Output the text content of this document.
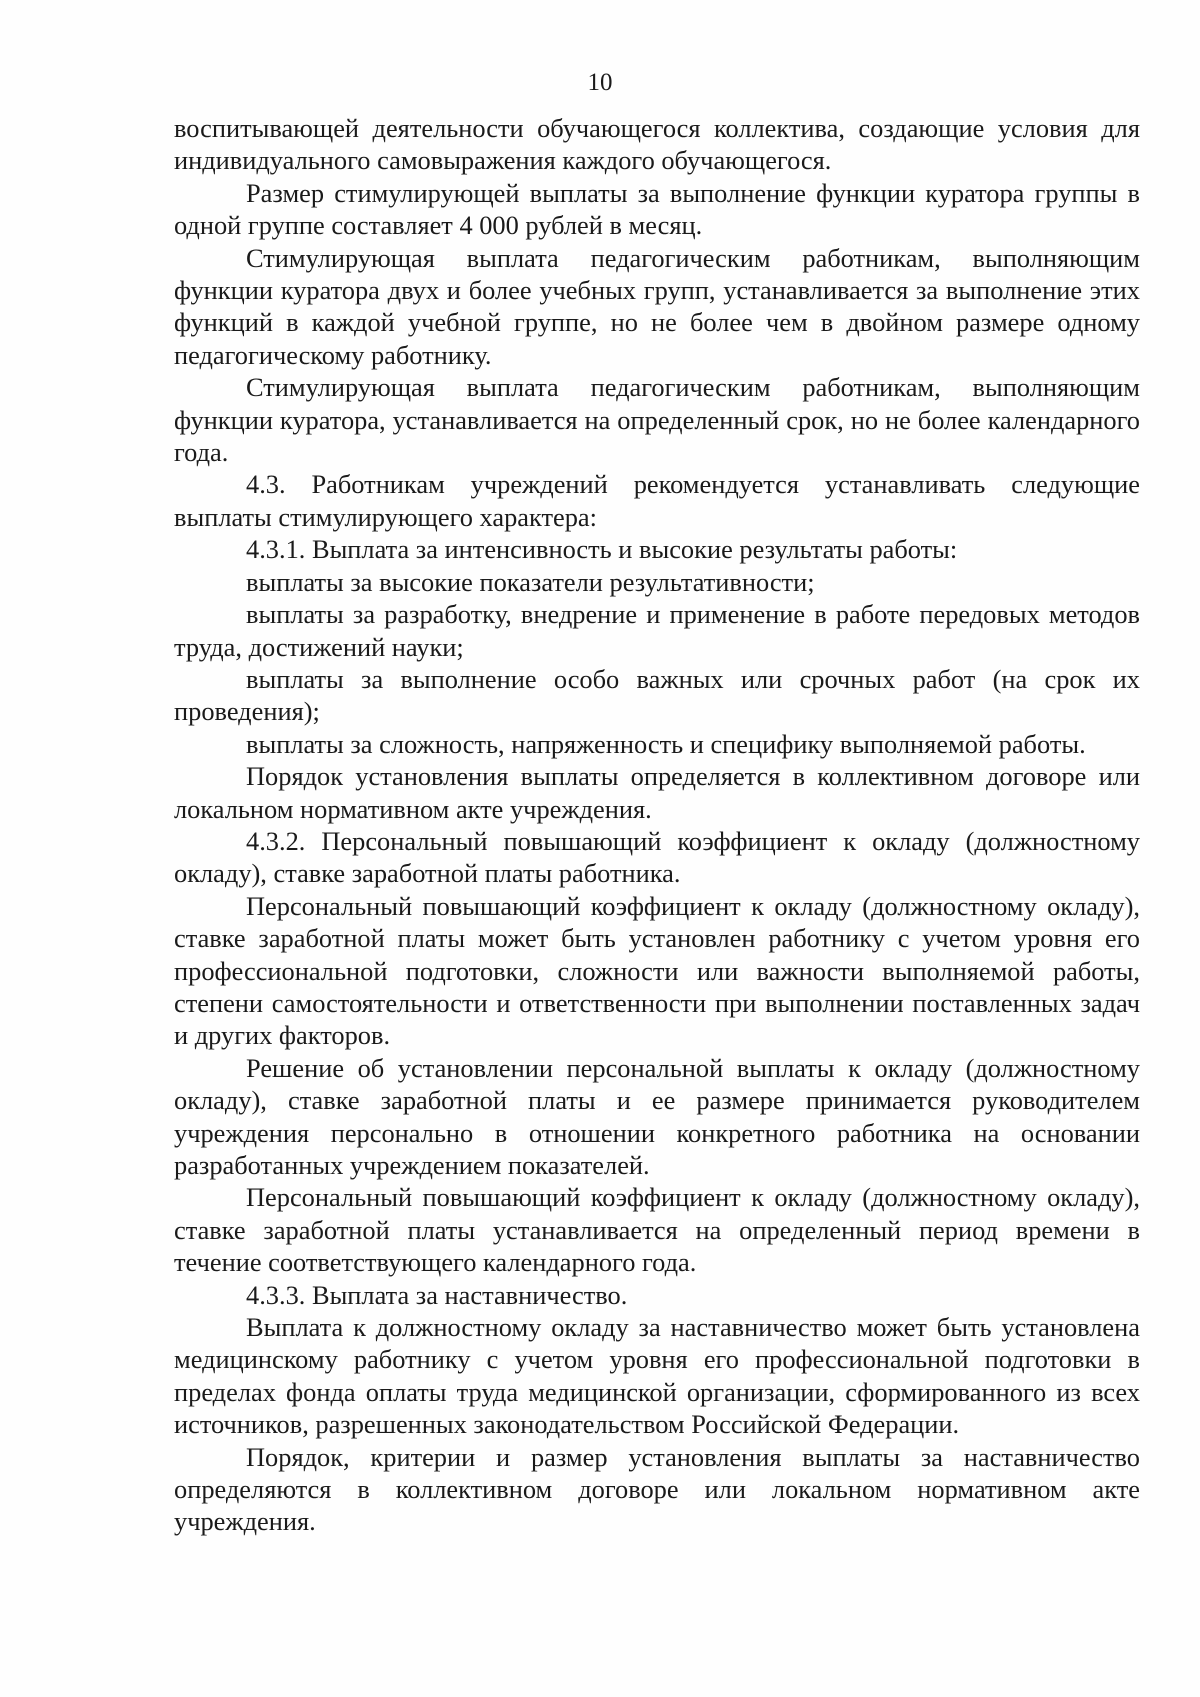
10

воспитывающей деятельности обучающегося коллектива, создающие условия для индивидуального самовыражения каждого обучающегося.

Размер стимулирующей выплаты за выполнение функции куратора группы в одной группе составляет 4 000 рублей в месяц.

Стимулирующая выплата педагогическим работникам, выполняющим функции куратора двух и более учебных групп, устанавливается за выполнение этих функций в каждой учебной группе, но не более чем в двойном размере одному педагогическому работнику.

Стимулирующая выплата педагогическим работникам, выполняющим функции куратора, устанавливается на определенный срок, но не более календарного года.

4.3. Работникам учреждений рекомендуется устанавливать следующие выплаты стимулирующего характера:

4.3.1. Выплата за интенсивность и высокие результаты работы:

выплаты за высокие показатели результативности;

выплаты за разработку, внедрение и применение в работе передовых методов труда, достижений науки;

выплаты за выполнение особо важных или срочных работ (на срок их проведения);

выплаты за сложность, напряженность и специфику выполняемой работы.

Порядок установления выплаты определяется в коллективном договоре или локальном нормативном акте учреждения.

4.3.2. Персональный повышающий коэффициент к окладу (должностному окладу), ставке заработной платы работника.

Персональный повышающий коэффициент к окладу (должностному окладу), ставке заработной платы может быть установлен работнику с учетом уровня его профессиональной подготовки, сложности или важности выполняемой работы, степени самостоятельности и ответственности при выполнении поставленных задач и других факторов.

Решение об установлении персональной выплаты к окладу (должностному окладу), ставке заработной платы и ее размере принимается руководителем учреждения персонально в отношении конкретного работника на основании разработанных учреждением показателей.

Персональный повышающий коэффициент к окладу (должностному окладу), ставке заработной платы устанавливается на определенный период времени в течение соответствующего календарного года.

4.3.3. Выплата за наставничество.

Выплата к должностному окладу за наставничество может быть установлена медицинскому работнику с учетом уровня его профессиональной подготовки в пределах фонда оплаты труда медицинской организации, сформированного из всех источников, разрешенных законодательством Российской Федерации.

Порядок, критерии и размер установления выплаты за наставничество определяются в коллективном договоре или локальном нормативном акте учреждения.
